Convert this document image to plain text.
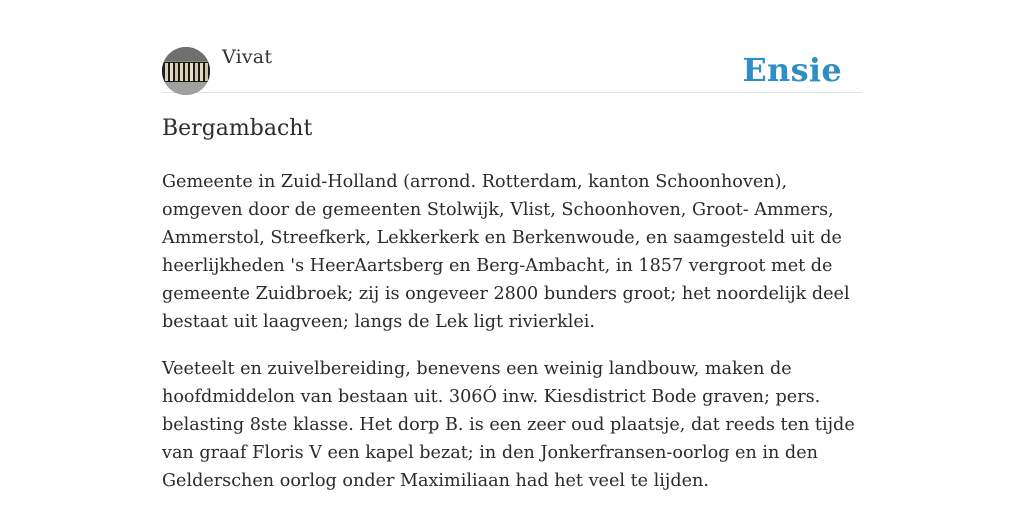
Vivat	Ensie
Bergambacht

Gemeente in Zuid-Holland (arrond. Rotterdam, kanton Schoonhoven), omgeven door de gemeenten Stolwijk, Vlist, Schoonhoven, Groot- Ammers, Ammerstol, Streefkerk, Lekkerkerk en Berkenwoude, en saamgesteld uit de heerlijkheden 's HeerAartsberg en Berg-Ambacht, in 1857 vergroot met de gemeente Zuidbroek; zij is ongeveer 2800 bunders groot; het noordelijk deel bestaat uit laagveen; langs de Lek ligt rivierklei.

Veeteelt en zuivelbereiding, benevens een weinig landbouw, maken de hoofdmiddelon van bestaan uit. 306Ó inw. Kiesdistrict Bode graven; pers. belasting 8ste klasse. Het dorp B. is een zeer oud plaatsje, dat reeds ten tijde van graaf Floris V een kapel bezat; in den Jonkerfransen-oorlog en in den Gelderschen oorlog onder Maximiliaan had het veel te lijden.
